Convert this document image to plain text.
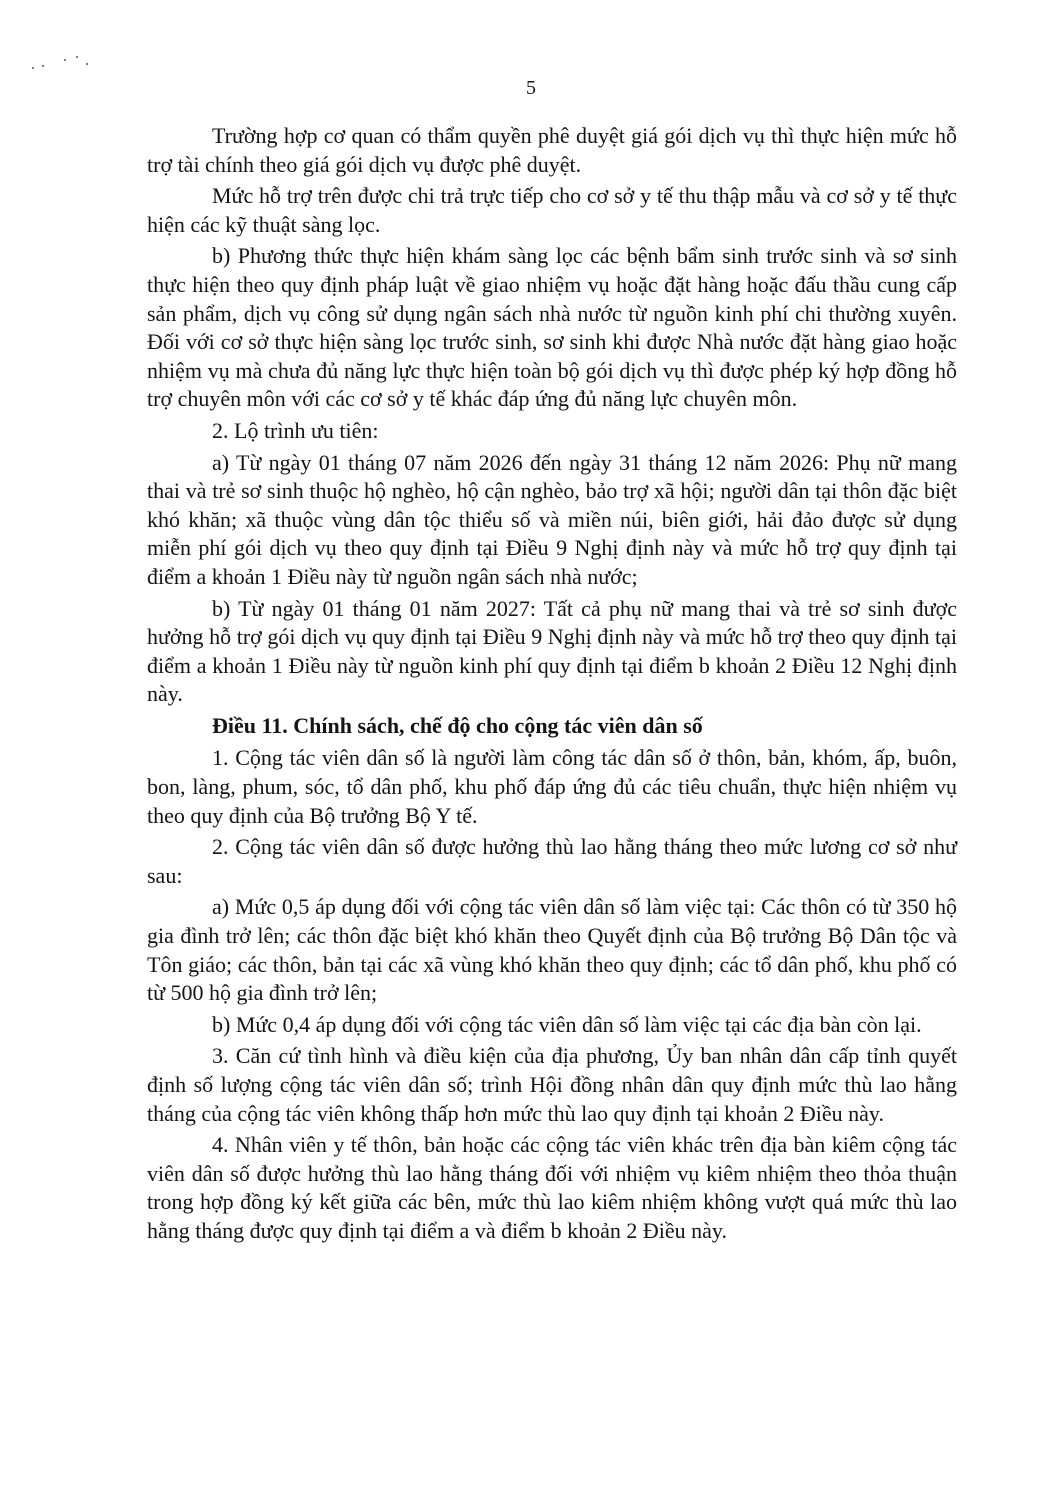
5

Trường hợp cơ quan có thẩm quyền phê duyệt giá gói dịch vụ thì thực hiện mức hỗ trợ tài chính theo giá gói dịch vụ được phê duyệt.

Mức hỗ trợ trên được chi trả trực tiếp cho cơ sở y tế thu thập mẫu và cơ sở y tế thực hiện các kỹ thuật sàng lọc.

b) Phương thức thực hiện khám sàng lọc các bệnh bẩm sinh trước sinh và sơ sinh thực hiện theo quy định pháp luật về giao nhiệm vụ hoặc đặt hàng hoặc đấu thầu cung cấp sản phẩm, dịch vụ công sử dụng ngân sách nhà nước từ nguồn kinh phí chi thường xuyên. Đối với cơ sở thực hiện sàng lọc trước sinh, sơ sinh khi được Nhà nước đặt hàng giao hoặc nhiệm vụ mà chưa đủ năng lực thực hiện toàn bộ gói dịch vụ thì được phép ký hợp đồng hỗ trợ chuyên môn với các cơ sở y tế khác đáp ứng đủ năng lực chuyên môn.

2. Lộ trình ưu tiên:

a) Từ ngày 01 tháng 07 năm 2026 đến ngày 31 tháng 12 năm 2026: Phụ nữ mang thai và trẻ sơ sinh thuộc hộ nghèo, hộ cận nghèo, bảo trợ xã hội; người dân tại thôn đặc biệt khó khăn; xã thuộc vùng dân tộc thiểu số và miền núi, biên giới, hải đảo được sử dụng miễn phí gói dịch vụ theo quy định tại Điều 9 Nghị định này và mức hỗ trợ quy định tại điểm a khoản 1 Điều này từ nguồn ngân sách nhà nước;

b) Từ ngày 01 tháng 01 năm 2027: Tất cả phụ nữ mang thai và trẻ sơ sinh được hưởng hỗ trợ gói dịch vụ quy định tại Điều 9 Nghị định này và mức hỗ trợ theo quy định tại điểm a khoản 1 Điều này từ nguồn kinh phí quy định tại điểm b khoản 2 Điều 12 Nghị định này.

Điều 11. Chính sách, chế độ cho cộng tác viên dân số

1. Cộng tác viên dân số là người làm công tác dân số ở thôn, bản, khóm, ấp, buôn, bon, làng, phum, sóc, tổ dân phố, khu phố đáp ứng đủ các tiêu chuẩn, thực hiện nhiệm vụ theo quy định của Bộ trưởng Bộ Y tế.

2. Cộng tác viên dân số được hưởng thù lao hằng tháng theo mức lương cơ sở như sau:

a) Mức 0,5 áp dụng đối với cộng tác viên dân số làm việc tại: Các thôn có từ 350 hộ gia đình trở lên; các thôn đặc biệt khó khăn theo Quyết định của Bộ trưởng Bộ Dân tộc và Tôn giáo; các thôn, bản tại các xã vùng khó khăn theo quy định; các tổ dân phố, khu phố có từ 500 hộ gia đình trở lên;

b) Mức 0,4 áp dụng đối với cộng tác viên dân số làm việc tại các địa bàn còn lại.

3. Căn cứ tình hình và điều kiện của địa phương, Ủy ban nhân dân cấp tỉnh quyết định số lượng cộng tác viên dân số; trình Hội đồng nhân dân quy định mức thù lao hằng tháng của cộng tác viên không thấp hơn mức thù lao quy định tại khoản 2 Điều này.

4. Nhân viên y tế thôn, bản hoặc các cộng tác viên khác trên địa bàn kiêm cộng tác viên dân số được hưởng thù lao hằng tháng đối với nhiệm vụ kiêm nhiệm theo thỏa thuận trong hợp đồng ký kết giữa các bên, mức thù lao kiêm nhiệm không vượt quá mức thù lao hằng tháng được quy định tại điểm a và điểm b khoản 2 Điều này.
